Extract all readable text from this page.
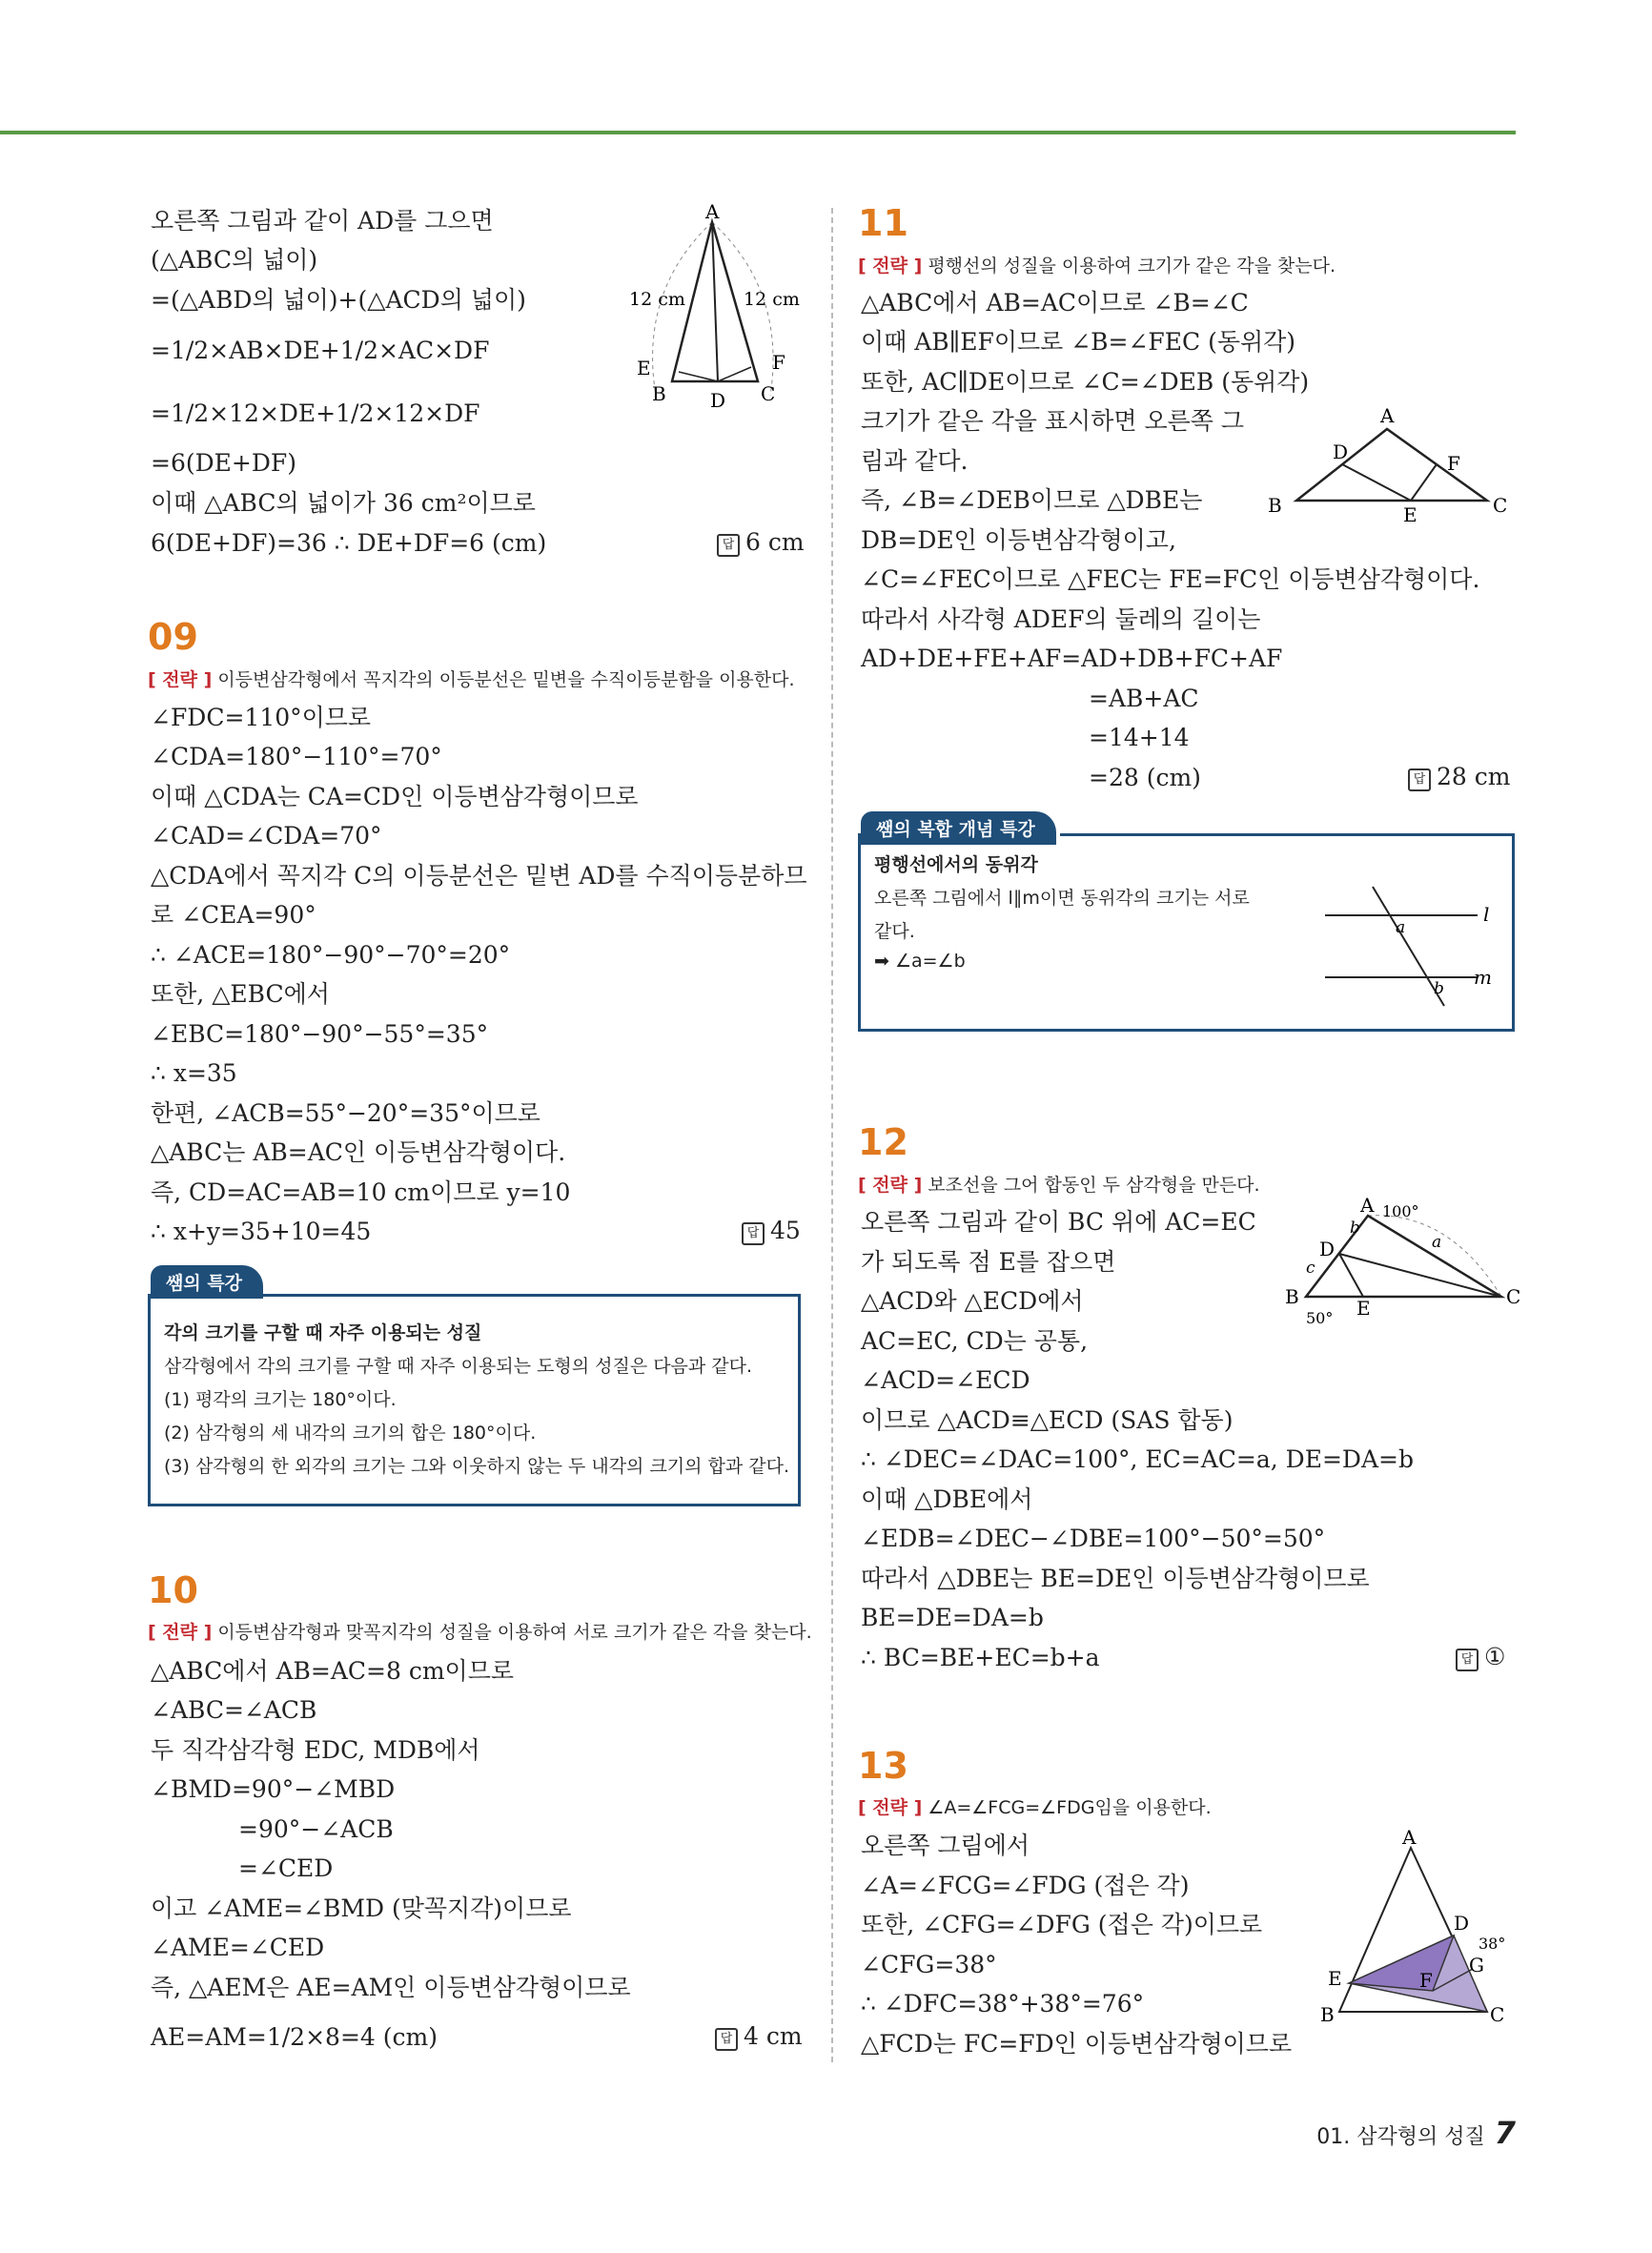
오른쪽 그림과 같이 AD를 그으면
(△ABC의 넓이)
=(△ABD의 넓이)+(△ACD의 넓이)
=1/2×AB×DE+1/2×AC×DF
=1/2×12×DE+1/2×12×DF
=6(DE+DF)
이때 △ABC의 넓이가 36 cm²이므로
6(DE+DF)=36 ∴ DE+DF=6 (cm)	답 6 cm
A
B	C
D
E	F
12 cm	12 cm
09
[ 전략 ] 이등변삼각형에서 꼭지각의 이등분선은 밑변을 수직이등분함을 이용한다.
∠FDC=110°이므로
∠CDA=180°−110°=70°
이때 △CDA는 CA=CD인 이등변삼각형이므로
∠CAD=∠CDA=70°
△CDA에서 꼭지각 C의 이등분선은 밑변 AD를 수직이등분하므
로 ∠CEA=90°
∴ ∠ACE=180°−90°−70°=20°
또한, △EBC에서
∠EBC=180°−90°−55°=35°
∴ x=35
한편, ∠ACB=55°−20°=35°이므로
△ABC는 AB=AC인 이등변삼각형이다.
즉, CD=AC=AB=10 cm이므로 y=10
∴ x+y=35+10=45	답 45
쌤의 특강
각의 크기를 구할 때 자주 이용되는 성질
삼각형에서 각의 크기를 구할 때 자주 이용되는 도형의 성질은 다음과 같다.
(1) 평각의 크기는 180°이다.
(2) 삼각형의 세 내각의 크기의 합은 180°이다.
(3) 삼각형의 한 외각의 크기는 그와 이웃하지 않는 두 내각의 크기의 합과 같다.
10
[ 전략 ] 이등변삼각형과 맞꼭지각의 성질을 이용하여 서로 크기가 같은 각을 찾는다.
△ABC에서 AB=AC=8 cm이므로
∠ABC=∠ACB
두 직각삼각형 EDC, MDB에서
∠BMD=90°−∠MBD
=90°−∠ACB
=∠CED
이고 ∠AME=∠BMD (맞꼭지각)이므로
∠AME=∠CED
즉, △AEM은 AE=AM인 이등변삼각형이므로
AE=AM=1/2×8=4 (cm)	답 4 cm
11
[ 전략 ] 평행선의 성질을 이용하여 크기가 같은 각을 찾는다.
△ABC에서 AB=AC이므로 ∠B=∠C
이때 AB∥EF이므로 ∠B=∠FEC (동위각)
또한, AC∥DE이므로 ∠C=∠DEB (동위각)
크기가 같은 각을 표시하면 오른쪽 그
림과 같다.
즉, ∠B=∠DEB이므로 △DBE는
DB=DE인 이등변삼각형이고,
∠C=∠FEC이므로 △FEC는 FE=FC인 이등변삼각형이다.
따라서 사각형 ADEF의 둘레의 길이는
AD+DE+FE+AF=AD+DB+FC+AF
=AB+AC
=14+14
=28 (cm)	답 28 cm
A
B	C
D
E
F
쌤의 복합 개념 특강
평행선에서의 동위각
오른쪽 그림에서 l∥m이면 동위각의 크기는 서로
같다.
➡ ∠a=∠b
l
m
a
b
12
[ 전략 ] 보조선을 그어 합동인 두 삼각형을 만든다.
오른쪽 그림과 같이 BC 위에 AC=EC
가 되도록 점 E를 잡으면
△ACD와 △ECD에서
AC=EC, CD는 공통,
∠ACD=∠ECD
이므로 △ACD≡△ECD (SAS 합동)
∴ ∠DEC=∠DAC=100°, EC=AC=a, DE=DA=b
이때 △DBE에서
∠EDB=∠DEC−∠DBE=100°−50°=50°
따라서 △DBE는 BE=DE인 이등변삼각형이므로
BE=DE=DA=b
∴ BC=BE+EC=b+a	답 ①
A
B	C
D
E
a
b
c
100°
50°
13
[ 전략 ] ∠A=∠FCG=∠FDG임을 이용한다.
오른쪽 그림에서
∠A=∠FCG=∠FDG (접은 각)
또한, ∠CFG=∠DFG (접은 각)이므로
∠CFG=38°
∴ ∠DFC=38°+38°=76°
△FCD는 FC=FD인 이등변삼각형이므로
A
B	C
D
E	F
G
38°
01. 삼각형의 성질 7
